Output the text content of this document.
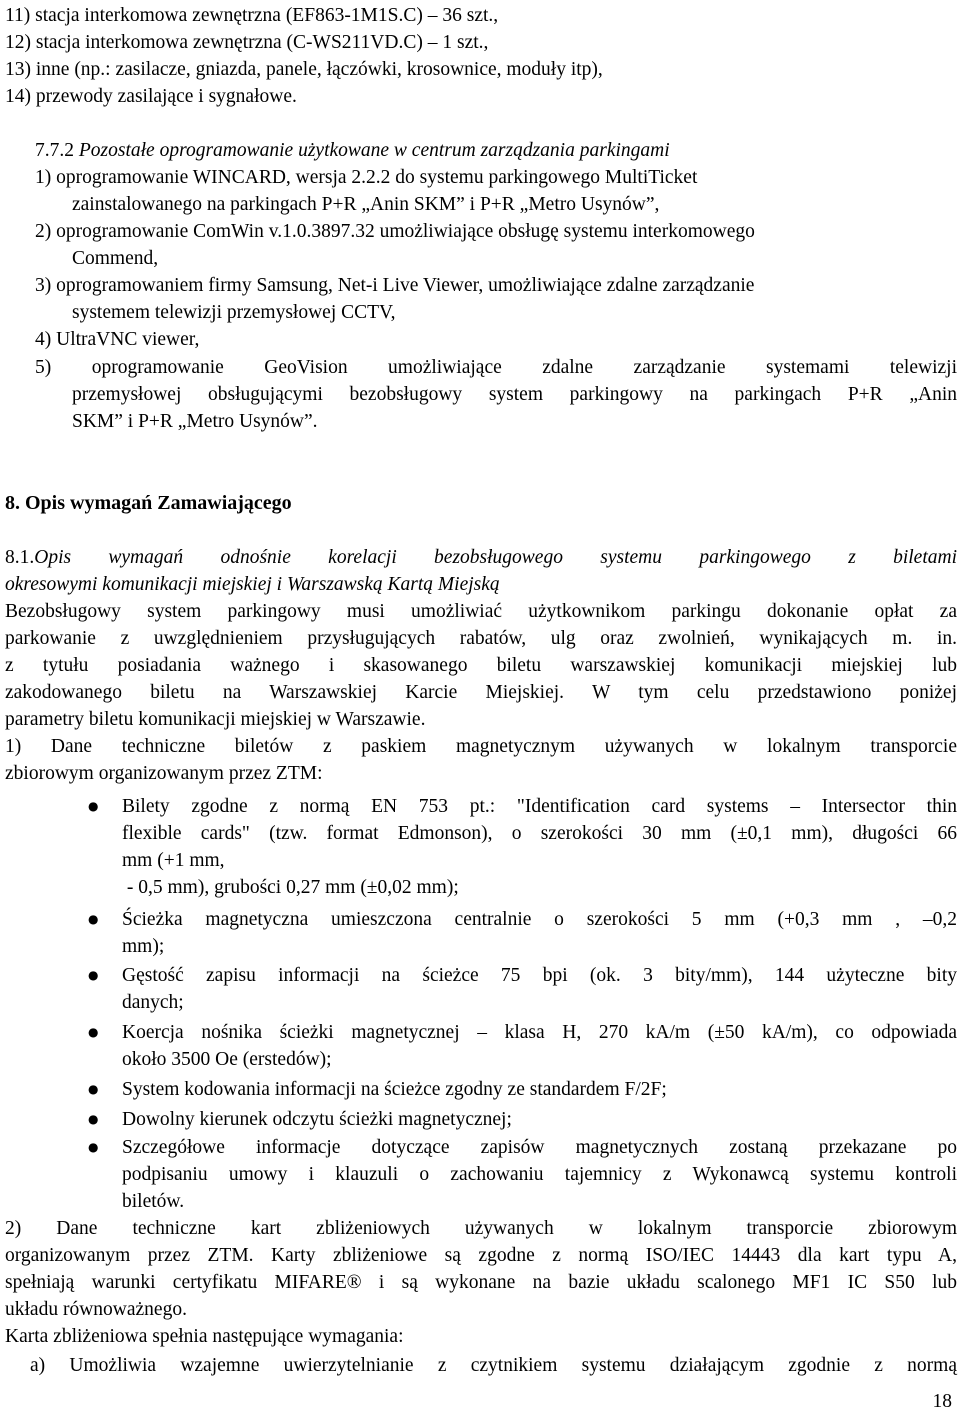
11) stacja interkomowa zewnętrzna (EF863-1M1S.C) – 36 szt.,
12) stacja interkomowa zewnętrzna (C-WS211VD.C) – 1 szt.,
13) inne (np.: zasilacze, gniazda, panele, łączówki, krosownice, moduły itp),
14) przewody zasilające i sygnałowe.
7.7.2 Pozostałe oprogramowanie użytkowane w centrum zarządzania parkingami
1) oprogramowanie WINCARD, wersja 2.2.2 do systemu parkingowego MultiTicket
zainstalowanego na parkingach P+R „Anin SKM” i P+R „Metro Usynów”,
2) oprogramowanie ComWin v.1.0.3897.32 umożliwiające obsługę systemu interkomowego
Commend,
3) oprogramowaniem firmy Samsung, Net-i Live Viewer, umożliwiające zdalne zarządzanie
systemem telewizji przemysłowej CCTV,
4) UltraVNC viewer,
5) oprogramowanie GeoVision umożliwiające zdalne zarządzanie systemami telewizji
przemysłowej obsługującymi bezobsługowy system parkingowy na parkingach P+R „Anin
SKM” i P+R „Metro Usynów”.
8. Opis wymagań Zamawiającego
8.1.Opis wymagań odnośnie korelacji bezobsługowego systemu parkingowego z biletami
okresowymi komunikacji miejskiej i Warszawską Kartą Miejską
Bezobsługowy system parkingowy musi umożliwiać użytkownikom parkingu dokonanie opłat za
parkowanie z uwzględnieniem przysługujących rabatów, ulg oraz zwolnień, wynikających m. in.
z tytułu posiadania ważnego i skasowanego biletu warszawskiej komunikacji miejskiej lub
zakodowanego biletu na Warszawskiej Karcie Miejskiej. W tym celu przedstawiono poniżej
parametry biletu komunikacji miejskiej w Warszawie.
1) Dane techniczne biletów z paskiem magnetycznym używanych w lokalnym transporcie
zbiorowym organizowanym przez ZTM:
● Bilety zgodne z normą EN 753 pt.: "Identification card systems – Intersector thin
flexible cards" (tzw. format Edmonson), o szerokości 30 mm (±0,1 mm), długości 66
mm (+1 mm,
- 0,5 mm), grubości 0,27 mm (±0,02 mm);
● Ścieżka magnetyczna umieszczona centralnie o szerokości 5 mm (+0,3 mm , –0,2
mm);
● Gęstość zapisu informacji na ścieżce 75 bpi (ok. 3 bity/mm), 144 użyteczne bity
danych;
● Koercja nośnika ścieżki magnetycznej – klasa H, 270 kA/m (±50 kA/m), co odpowiada
około 3500 Oe (erstedów);
● System kodowania informacji na ścieżce zgodny ze standardem F/2F;
● Dowolny kierunek odczytu ścieżki magnetycznej;
● Szczegółowe informacje dotyczące zapisów magnetycznych zostaną przekazane po
podpisaniu umowy i klauzuli o zachowaniu tajemnicy z Wykonawcą systemu kontroli
biletów.
2) Dane techniczne kart zbliżeniowych używanych w lokalnym transporcie zbiorowym
organizowanym przez ZTM. Karty zbliżeniowe są zgodne z normą ISO/IEC 14443 dla kart typu A,
spełniają warunki certyfikatu MIFARE® i są wykonane na bazie układu scalonego MF1 IC S50 lub
układu równoważnego.
Karta zbliżeniowa spełnia następujące wymagania:
a) Umożliwia wzajemne uwierzytelnianie z czytnikiem systemu działającym zgodnie z normą
18
